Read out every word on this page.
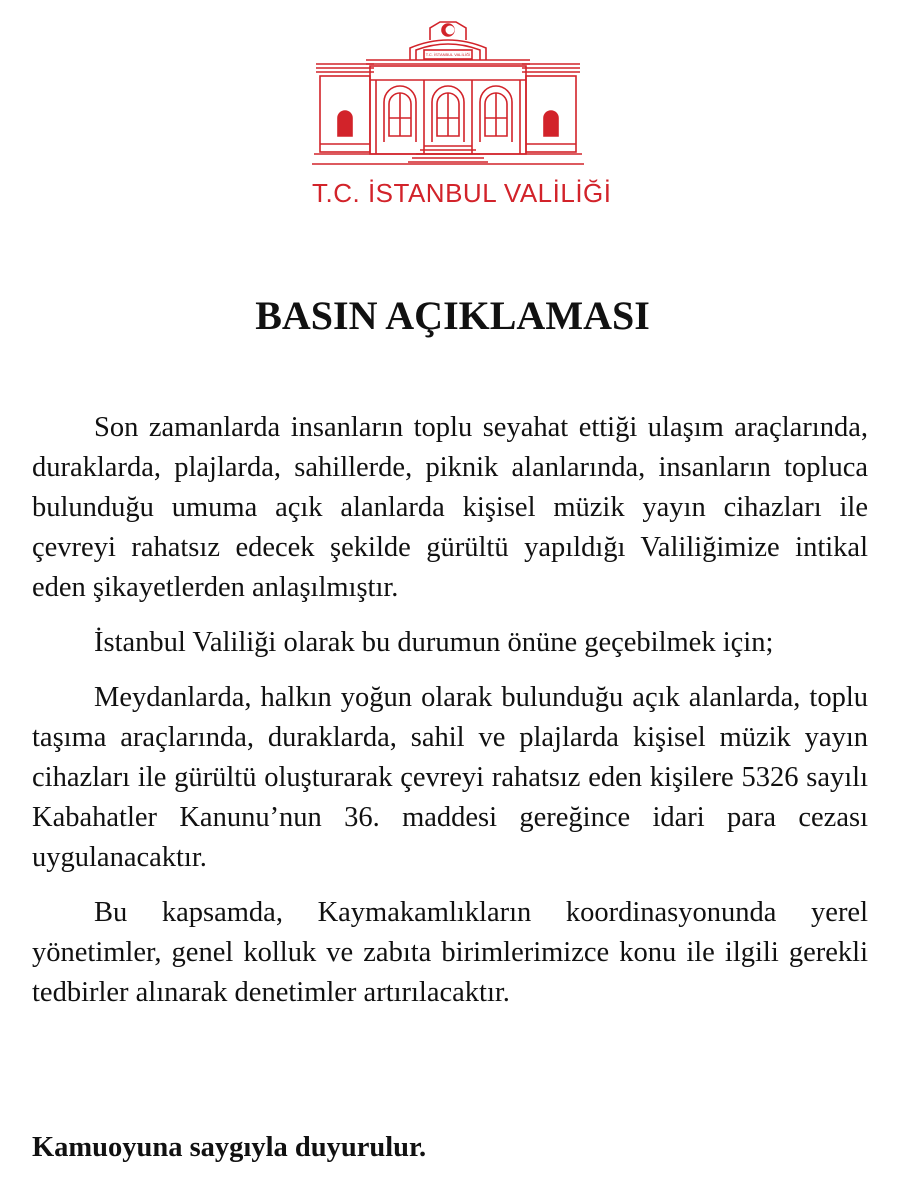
T.C. İSTANBUL VALİLİĞİ
T.C. İSTANBUL VALİLİĞİ
BASIN AÇIKLAMASI

Son zamanlarda insanların toplu seyahat ettiği ulaşım araçlarında, duraklarda, plajlarda, sahillerde, piknik alanlarında, insanların topluca bulunduğu umuma açık alanlarda kişisel müzik yayın cihazları ile çevreyi rahatsız edecek şekilde gürültü yapıldığı Valiliğimize intikal eden şikayetlerden anlaşılmıştır.

İstanbul Valiliği olarak bu durumun önüne geçebilmek için;

Meydanlarda, halkın yoğun olarak bulunduğu açık alanlarda, toplu taşıma araçlarında, duraklarda, sahil ve plajlarda kişisel müzik yayın cihazları ile gürültü oluşturarak çevreyi rahatsız eden kişilere 5326 sayılı Kabahatler Kanunu’nun 36. maddesi gereğince idari para cezası uygulanacaktır.

Bu kapsamda, Kaymakamlıkların koordinasyonunda yerel yönetimler, genel kolluk ve zabıta birimlerimizce konu ile ilgili gerekli tedbirler alınarak denetimler artırılacaktır.

Kamuoyuna saygıyla duyurulur.
